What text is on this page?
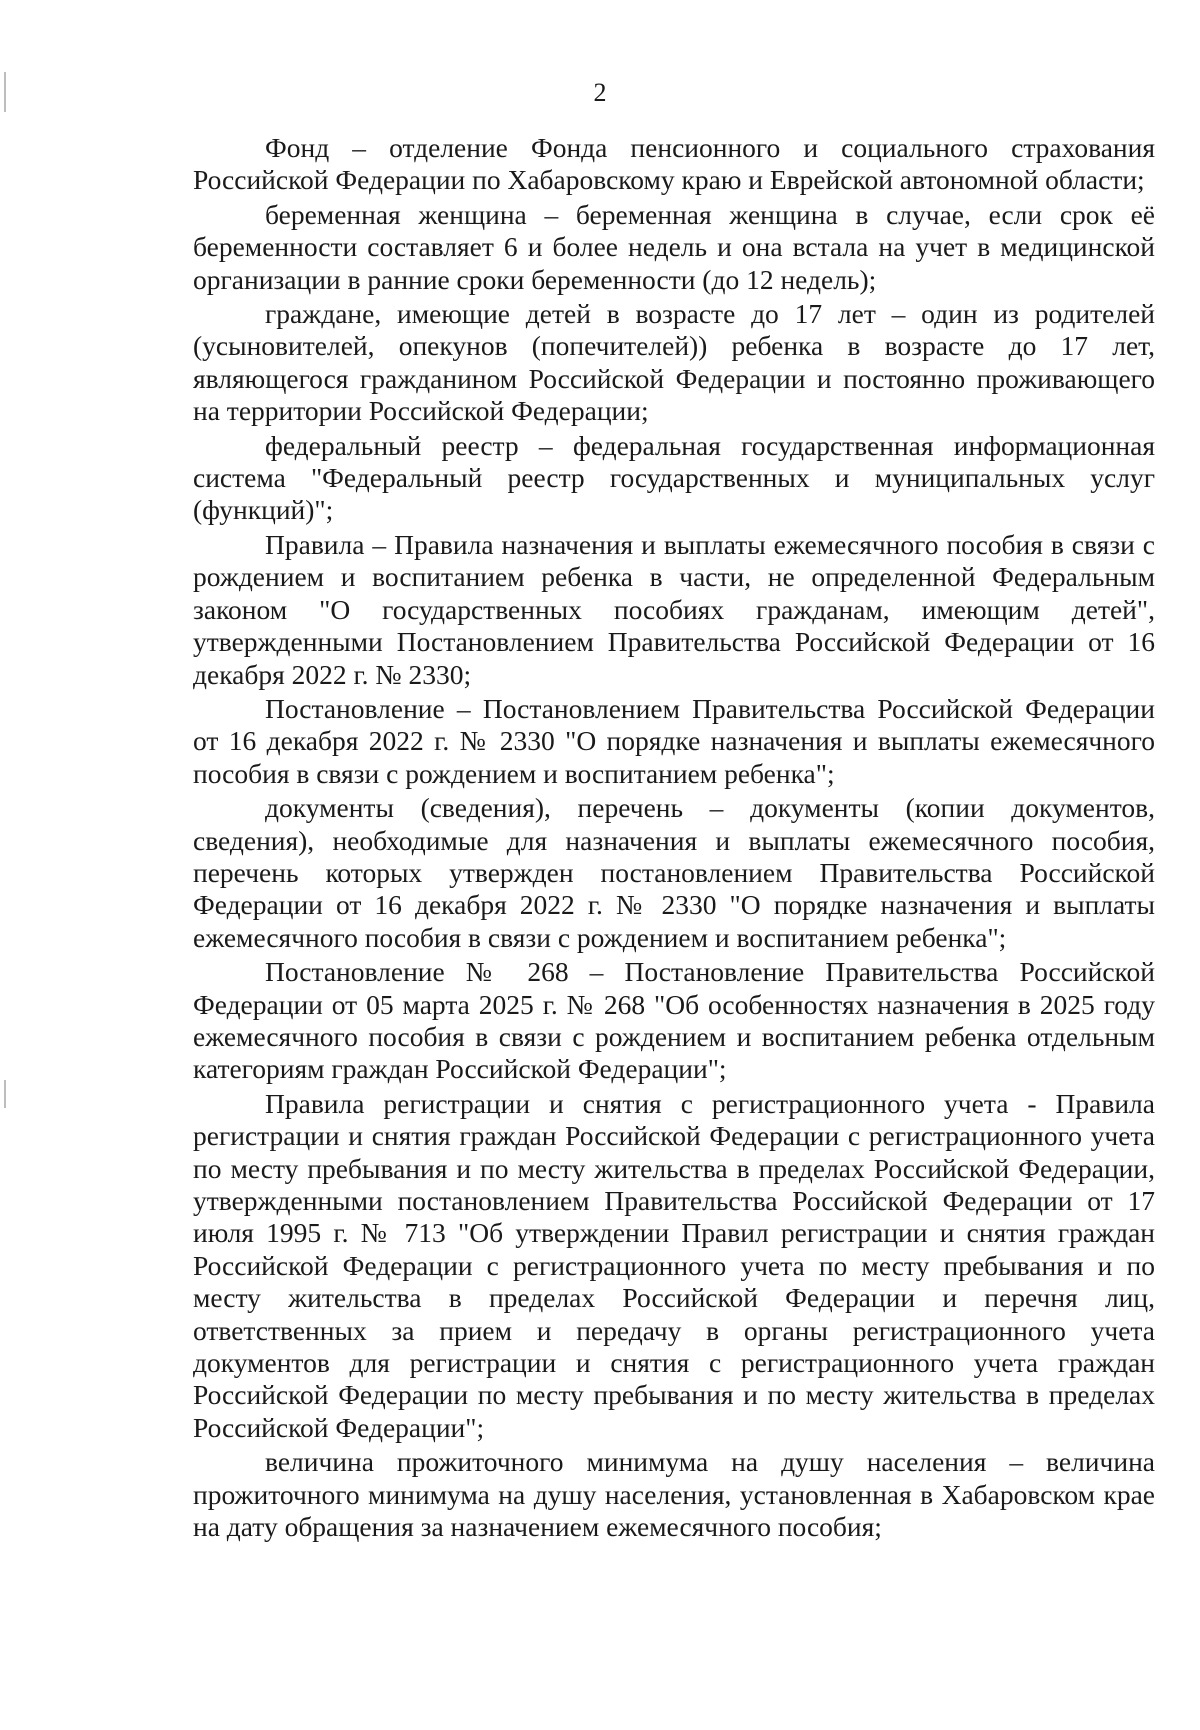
2

Фонд – отделение Фонда пенсионного и социального страхования Российской Федерации по Хабаровскому краю и Еврейской автономной области;

беременная женщина – беременная женщина в случае, если срок её беременности составляет 6 и более недель и она встала на учет в медицинской организации в ранние сроки беременности (до 12 недель);

граждане, имеющие детей в возрасте до 17 лет – один из родителей (усыновителей, опекунов (попечителей)) ребенка в возрасте до 17 лет, являющегося гражданином Российской Федерации и постоянно проживающего на территории Российской Федерации;

федеральный реестр – федеральная государственная информационная система "Федеральный реестр государственных и муниципальных услуг (функций)";

Правила – Правила назначения и выплаты ежемесячного пособия в связи с рождением и воспитанием ребенка в части, не определенной Федеральным законом "О государственных пособиях гражданам, имеющим детей", утвержденными Постановлением Правительства Российской Федерации от 16 декабря 2022 г. № 2330;

Постановление – Постановлением Правительства Российской Федерации от 16 декабря 2022 г. № 2330 "О порядке назначения и выплаты ежемесячного пособия в связи с рождением и воспитанием ребенка";

документы (сведения), перечень – документы (копии документов, сведения), необходимые для назначения и выплаты ежемесячного пособия, перечень которых утвержден постановлением Правительства Российской Федерации от 16 декабря 2022 г. № 2330 "О порядке назначения и выплаты ежемесячного пособия в связи с рождением и воспитанием ребенка";

Постановление № 268 – Постановление Правительства Российской Федерации от 05 марта 2025 г. № 268 "Об особенностях назначения в 2025 году ежемесячного пособия в связи с рождением и воспитанием ребенка отдельным категориям граждан Российской Федерации";

Правила регистрации и снятия с регистрационного учета - Правила регистрации и снятия граждан Российской Федерации с регистрационного учета по месту пребывания и по месту жительства в пределах Российской Федерации, утвержденными постановлением Правительства Российской Федерации от 17 июля 1995 г. № 713 "Об утверждении Правил регистрации и снятия граждан Российской Федерации с регистрационного учета по месту пребывания и по месту жительства в пределах Российской Федерации и перечня лиц, ответственных за прием и передачу в органы регистрационного учета документов для регистрации и снятия с регистрационного учета граждан Российской Федерации по месту пребывания и по месту жительства в пределах Российской Федерации";

величина прожиточного минимума на душу населения – величина прожиточного минимума на душу населения, установленная в Хабаровском крае на дату обращения за назначением ежемесячного пособия;
